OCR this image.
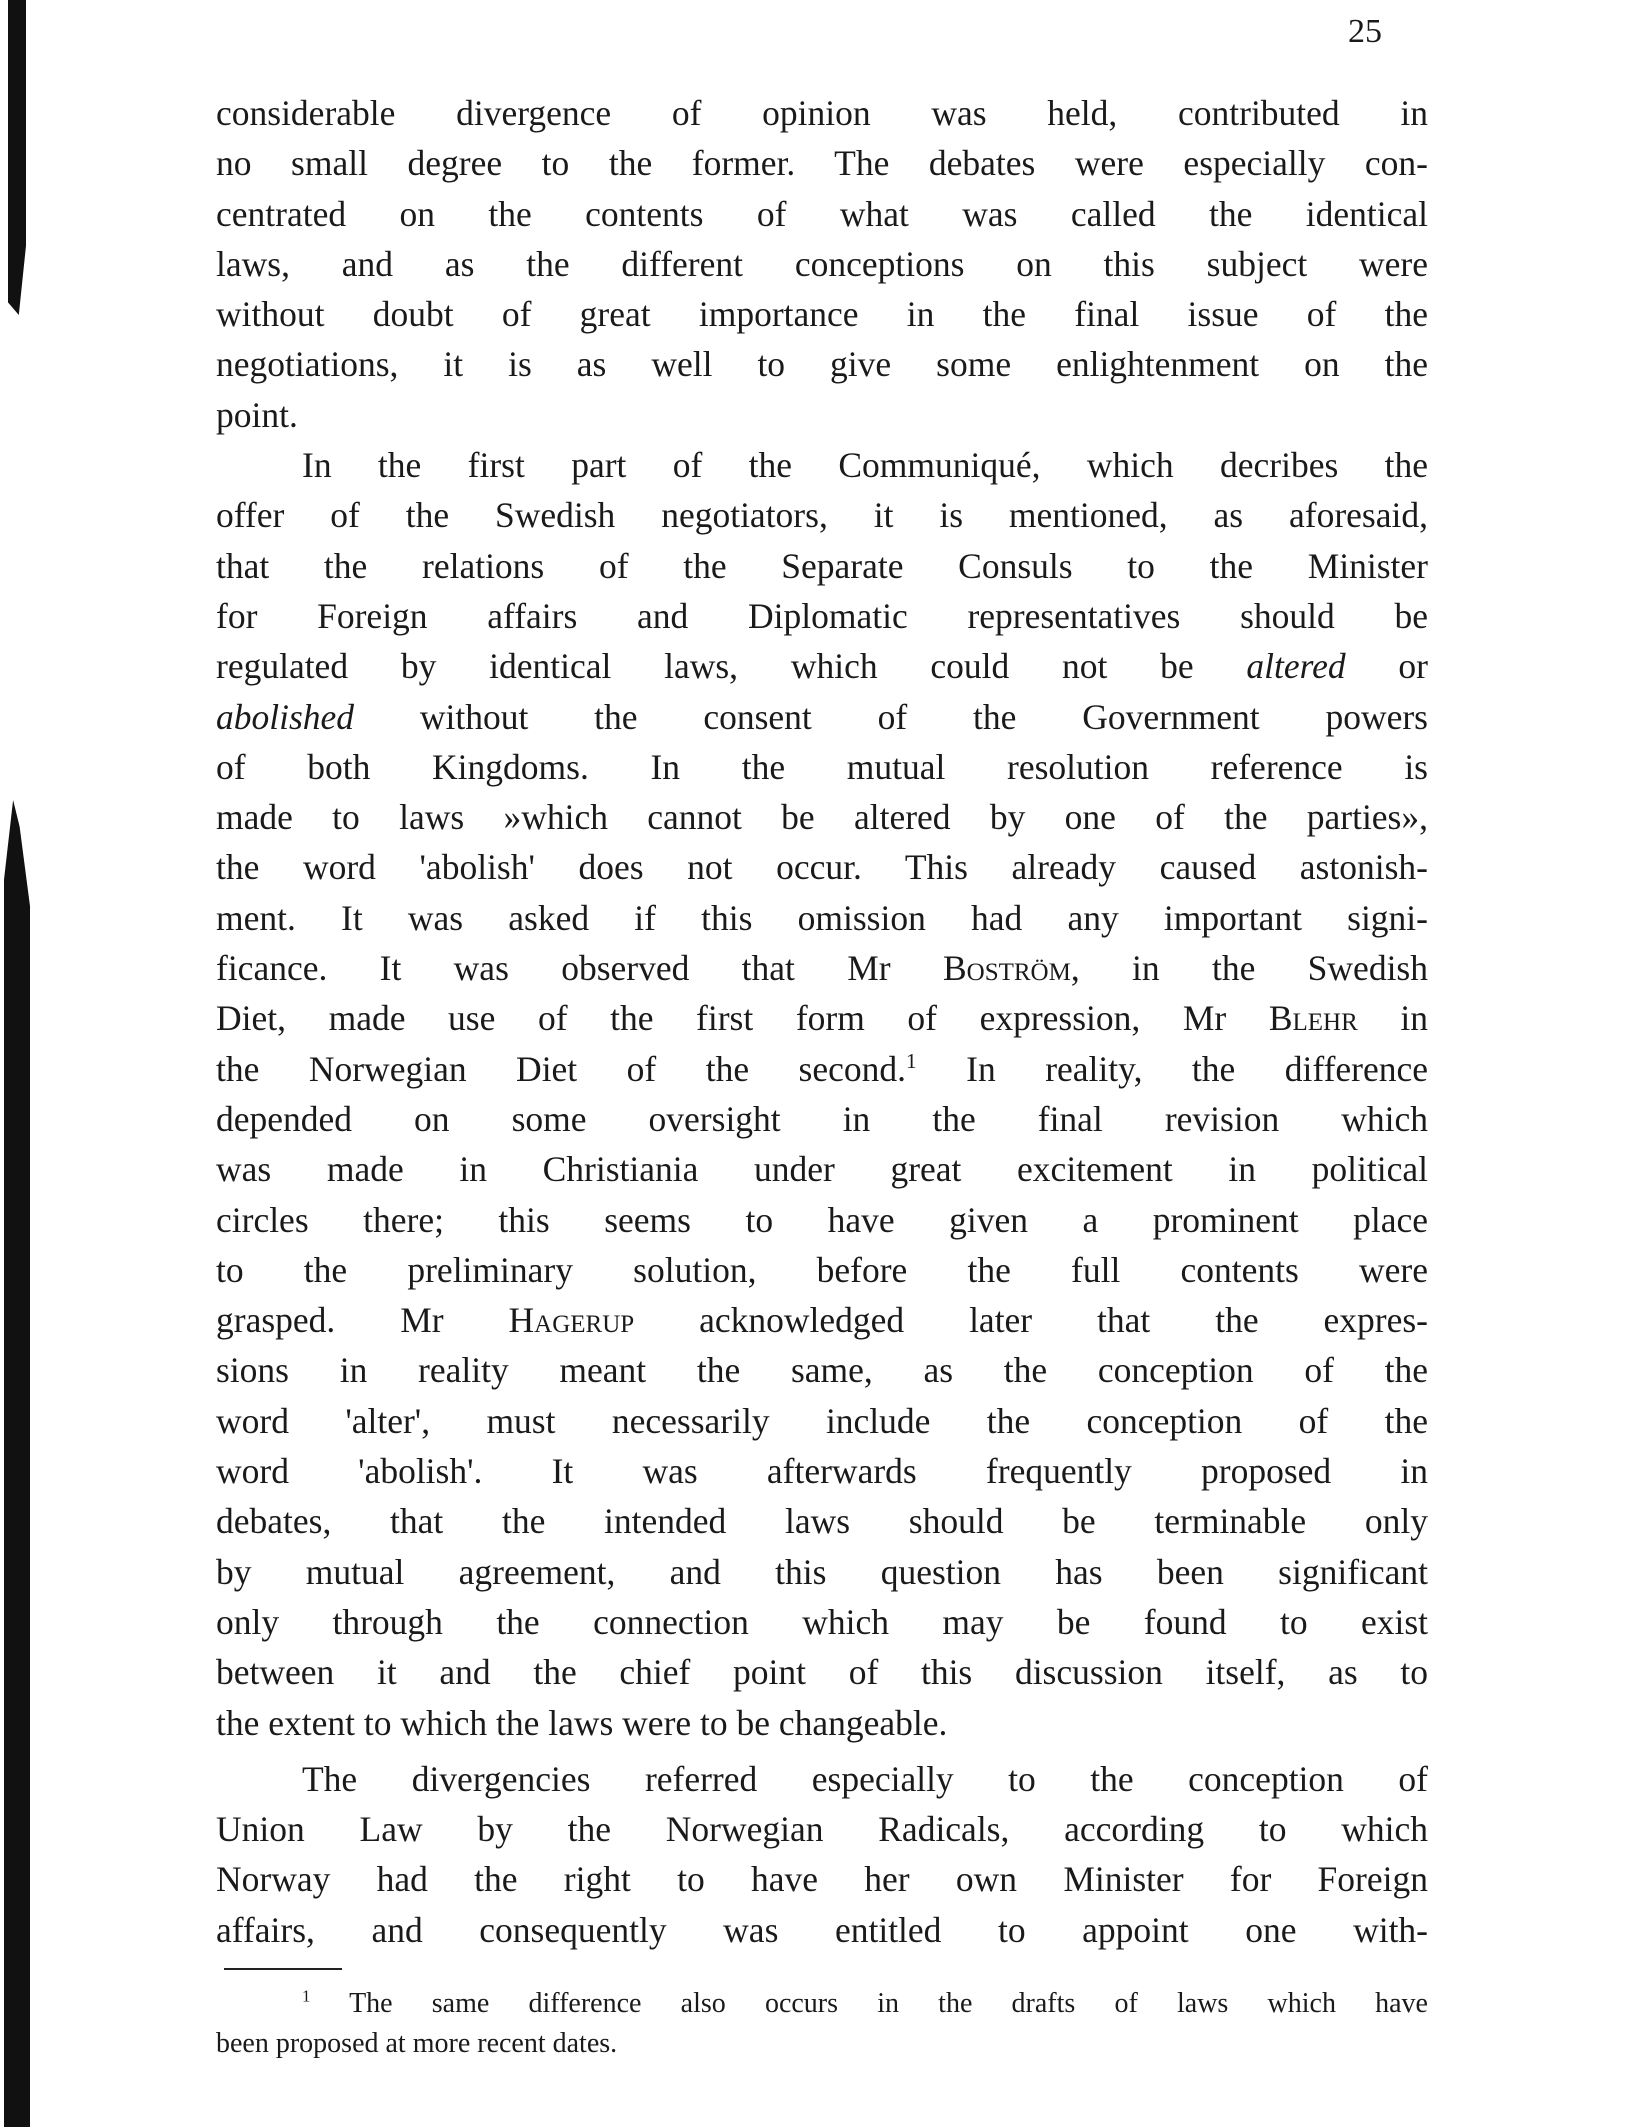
25

considerable divergence of opinion was held, contributed in
no small degree to the former. The debates were especially con-
centrated on the contents of what was called the identical
laws, and as the different conceptions on this subject were
without doubt of great importance in the final issue of the
negotiations, it is as well to give some enlightenment on the
point.

In the first part of the Communiqué, which decribes the
offer of the Swedish negotiators, it is mentioned, as aforesaid,
that the relations of the Separate Consuls to the Minister
for Foreign affairs and Diplomatic representatives should be
regulated by identical laws, which could not be altered or
abolished without the consent of the Government powers
of both Kingdoms. In the mutual resolution reference is
made to laws »which cannot be altered by one of the parties»,
the word 'abolish' does not occur. This already caused astonish-
ment. It was asked if this omission had any important signi-
ficance. It was observed that Mr Boström, in the Swedish
Diet, made use of the first form of expression, Mr Blehr in
the Norwegian Diet of the second.$^1$ In reality, the difference
depended on some oversight in the final revision which
was made in Christiania under great excitement in political
circles there; this seems to have given a prominent place
to the preliminary solution, before the full contents were
grasped. Mr Hagerup acknowledged later that the expres-
sions in reality meant the same, as the conception of the
word 'alter', must necessarily include the conception of the
word 'abolish'. It was afterwards frequently proposed in
debates, that the intended laws should be terminable only
by mutual agreement, and this question has been significant
only through the connection which may be found to exist
between it and the chief point of this discussion itself, as to
the extent to which the laws were to be changeable.

The divergencies referred especially to the conception of
Union Law by the Norwegian Radicals, according to which
Norway had the right to have her own Minister for Foreign
affairs, and consequently was entitled to appoint one with-

$^1$ The same difference also occurs in the drafts of laws which have
been proposed at more recent dates.
